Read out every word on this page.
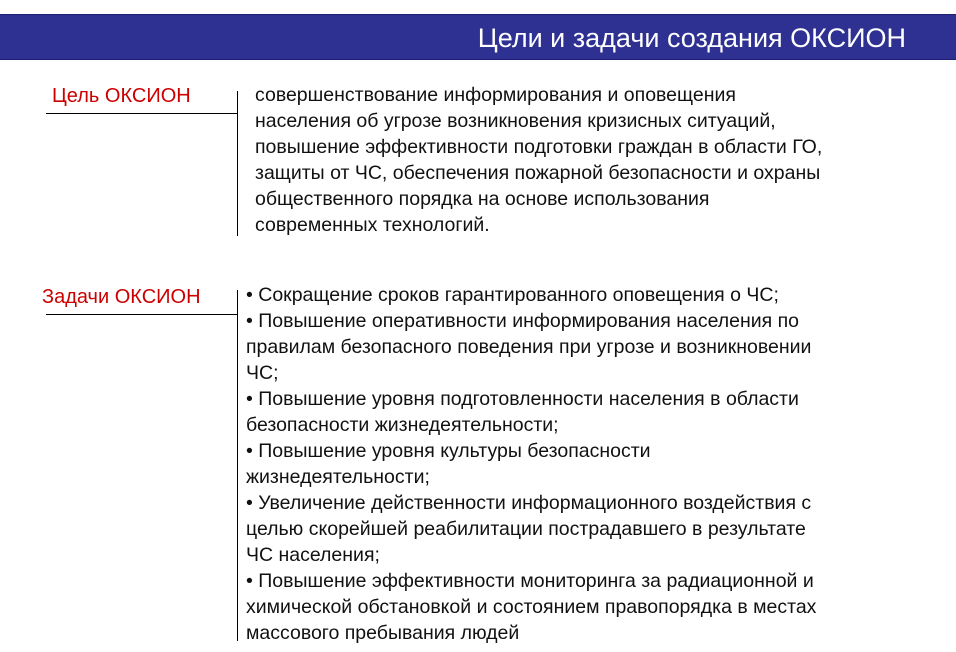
Цели и задачи создания ОКСИОН
Цель ОКСИОН	совершенствование информирования и оповещения
населения об угрозе возникновения кризисных ситуаций,
повышение эффективности подготовки граждан в области ГО,
защиты от ЧС, обеспечения пожарной безопасности и охраны
общественного порядка на основе использования
современных технологий.
Задачи ОКСИОН • Сокращение сроков гарантированного оповещения о ЧС;
• Повышение оперативности информирования населения по
правилам безопасного поведения при угрозе и возникновении
ЧС;
• Повышение уровня подготовленности населения в области
безопасности жизнедеятельности;
• Повышение уровня культуры безопасности
жизнедеятельности;
• Увеличение действенности информационного воздействия с
целью скорейшей реабилитации пострадавшего в результате
ЧС населения;
• Повышение эффективности мониторинга за радиационной и
химической обстановкой и состоянием правопорядка в местах
массового пребывания людей
